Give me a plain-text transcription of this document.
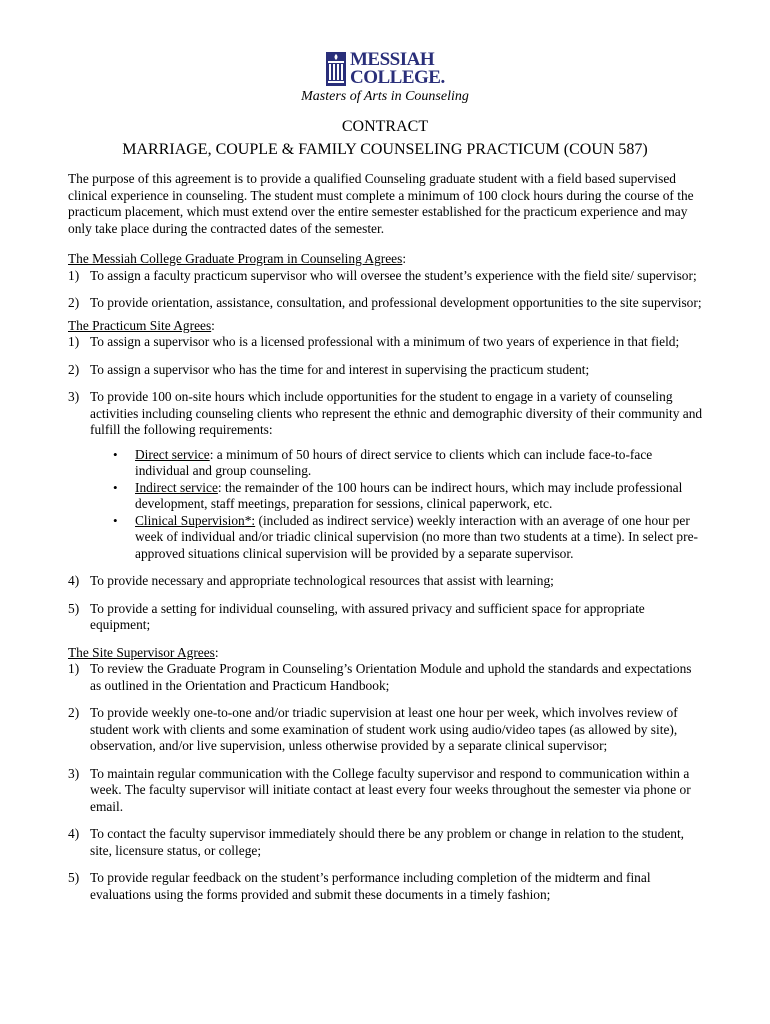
MESSIAH
COLLEGE.
Masters of Arts in Counseling
CONTRACT
MARRIAGE, COUPLE & FAMILY COUNSELING PRACTICUM (COUN 587)

The purpose of this agreement is to provide a qualified Counseling graduate student with a field based supervised clinical experience in counseling. The student must complete a minimum of 100 clock hours during the course of the practicum placement, which must extend over the entire semester established for the practicum experience and may only take place during the contracted dates of the semester.

The Messiah College Graduate Program in Counseling Agrees:

1) To assign a faculty practicum supervisor who will oversee the student’s experience with the field site/ supervisor;
2) To provide orientation, assistance, consultation, and professional development opportunities to the site supervisor;

The Practicum Site Agrees:

1) To assign a supervisor who is a licensed professional with a minimum of two years of experience in that field;
2) To assign a supervisor who has the time for and interest in supervising the practicum student;
3) To provide 100 on-site hours which include opportunities for the student to engage in a variety of counseling activities including counseling clients who represent the ethnic and demographic diversity of their community and fulfill the following requirements:
• Direct service: a minimum of 50 hours of direct service to clients which can include face-to-face individual and group counseling.
• Indirect service: the remainder of the 100 hours can be indirect hours, which may include professional development, staff meetings, preparation for sessions, clinical paperwork, etc.
• Clinical Supervision*: (included as indirect service) weekly interaction with an average of one hour per week of individual and/or triadic clinical supervision (no more than two students at a time). In select pre-approved situations clinical supervision will be provided by a separate supervisor.
4) To provide necessary and appropriate technological resources that assist with learning;
5) To provide a setting for individual counseling, with assured privacy and sufficient space for appropriate equipment;

The Site Supervisor Agrees:

1) To review the Graduate Program in Counseling’s Orientation Module and uphold the standards and expectations as outlined in the Orientation and Practicum Handbook;
2) To provide weekly one-to-one and/or triadic supervision at least one hour per week, which involves review of student work with clients and some examination of student work using audio/video tapes (as allowed by site), observation, and/or live supervision, unless otherwise provided by a separate clinical supervisor;
3) To maintain regular communication with the College faculty supervisor and respond to communication within a week. The faculty supervisor will initiate contact at least every four weeks throughout the semester via phone or email.
4) To contact the faculty supervisor immediately should there be any problem or change in relation to the student, site, licensure status, or college;
5) To provide regular feedback on the student’s performance including completion of the midterm and final evaluations using the forms provided and submit these documents in a timely fashion;
